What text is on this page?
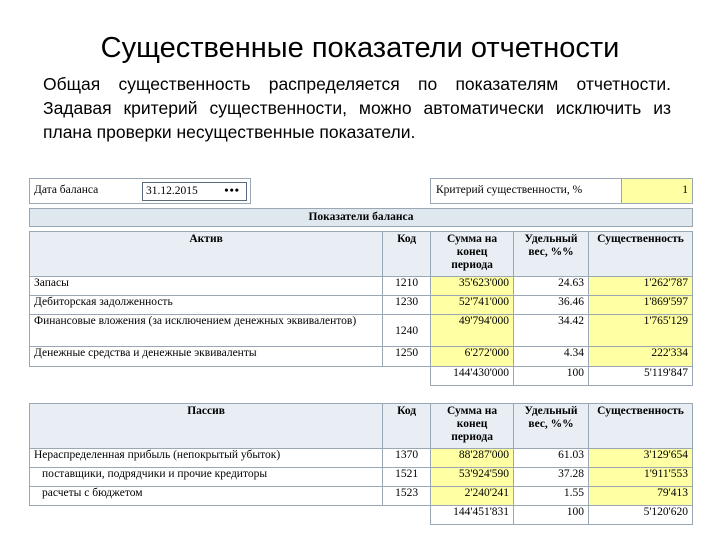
Существенные показатели отчетности
Общая существенность распределяется по показателям отчетности. Задавая критерий существенности, можно автоматически исключить из плана проверки несущественные показатели.
Дата баланса	31.12.2015 •••	Критерий существенности, %	1
Показатели баланса
Актив	Код	Сумма на конец периода	Удельный вес, %%	Существенность
Запасы	1210	35'623'000	24.63	1'262'787
Дебиторская задолженность	1230	52'741'000	36.46	1'869'597
Финансовые вложения (за исключением денежных эквивалентов)	1240	49'794'000	34.42	1'765'129
Денежные средства и денежные эквиваленты	1250	6'272'000	4.34	222'334
		144'430'000	100	5'119'847
Пассив	Код	Сумма на конец периода	Удельный вес, %%	Существенность
Нераспределенная прибыль (непокрытый убыток)	1370	88'287'000	61.03	3'129'654
поставщики, подрядчики и прочие кредиторы	1521	53'924'590	37.28	1'911'553
расчеты с бюджетом	1523	2'240'241	1.55	79'413
		144'451'831	100	5'120'620
